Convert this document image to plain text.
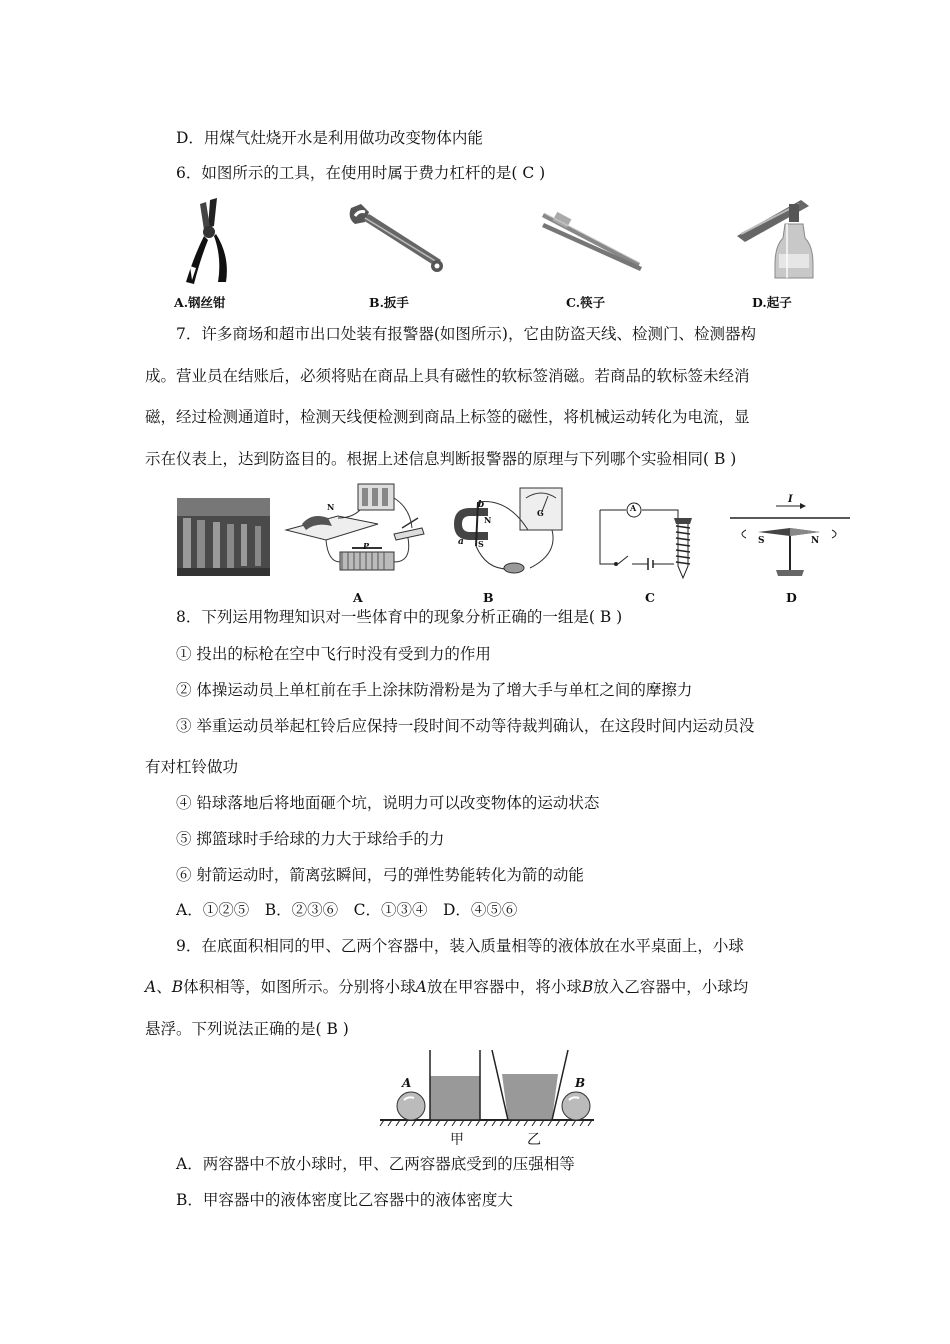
D．用煤气灶烧开水是利用做功改变物体内能
6．如图所示的工具，在使用时属于费力杠杆的是( C )
A.钢丝钳	B.扳手	C.筷子	D.起子
7．许多商场和超市出口处装有报警器(如图所示)，它由防盗天线、检测门、检测器构
成。营业员在结账后，必须将贴在商品上具有磁性的软标签消磁。若商品的软标签未经消
磁，经过检测通道时，检测天线便检测到商品上标签的磁性，将机械运动转化为电流，显
示在仪表上，达到防盗目的。根据上述信息判断报警器的原理与下列哪个实验相同( B )
N
P
A
b
N
S
a
G
B
A
C
I
S	N
D
8．下列运用物理知识对一些体育中的现象分析正确的一组是( B )
① 投出的标枪在空中飞行时没有受到力的作用
② 体操运动员上单杠前在手上涂抹防滑粉是为了增大手与单杠之间的摩擦力
③ 举重运动员举起杠铃后应保持一段时间不动等待裁判确认，在这段时间内运动员没
有对杠铃做功
④ 铅球落地后将地面砸个坑，说明力可以改变物体的运动状态
⑤ 掷篮球时手给球的力大于球给手的力
⑥ 射箭运动时，箭离弦瞬间，弓的弹性势能转化为箭的动能
A．①②⑤　B．②③⑥　C．①③④　D．④⑤⑥
9．在底面积相同的甲、乙两个容器中，装入质量相等的液体放在水平桌面上，小球
A、B体积相等，如图所示。分别将小球A放在甲容器中，将小球B放入乙容器中，小球均
悬浮。下列说法正确的是( B )
A	B
甲	乙
A．两容器中不放小球时，甲、乙两容器底受到的压强相等
B．甲容器中的液体密度比乙容器中的液体密度大
